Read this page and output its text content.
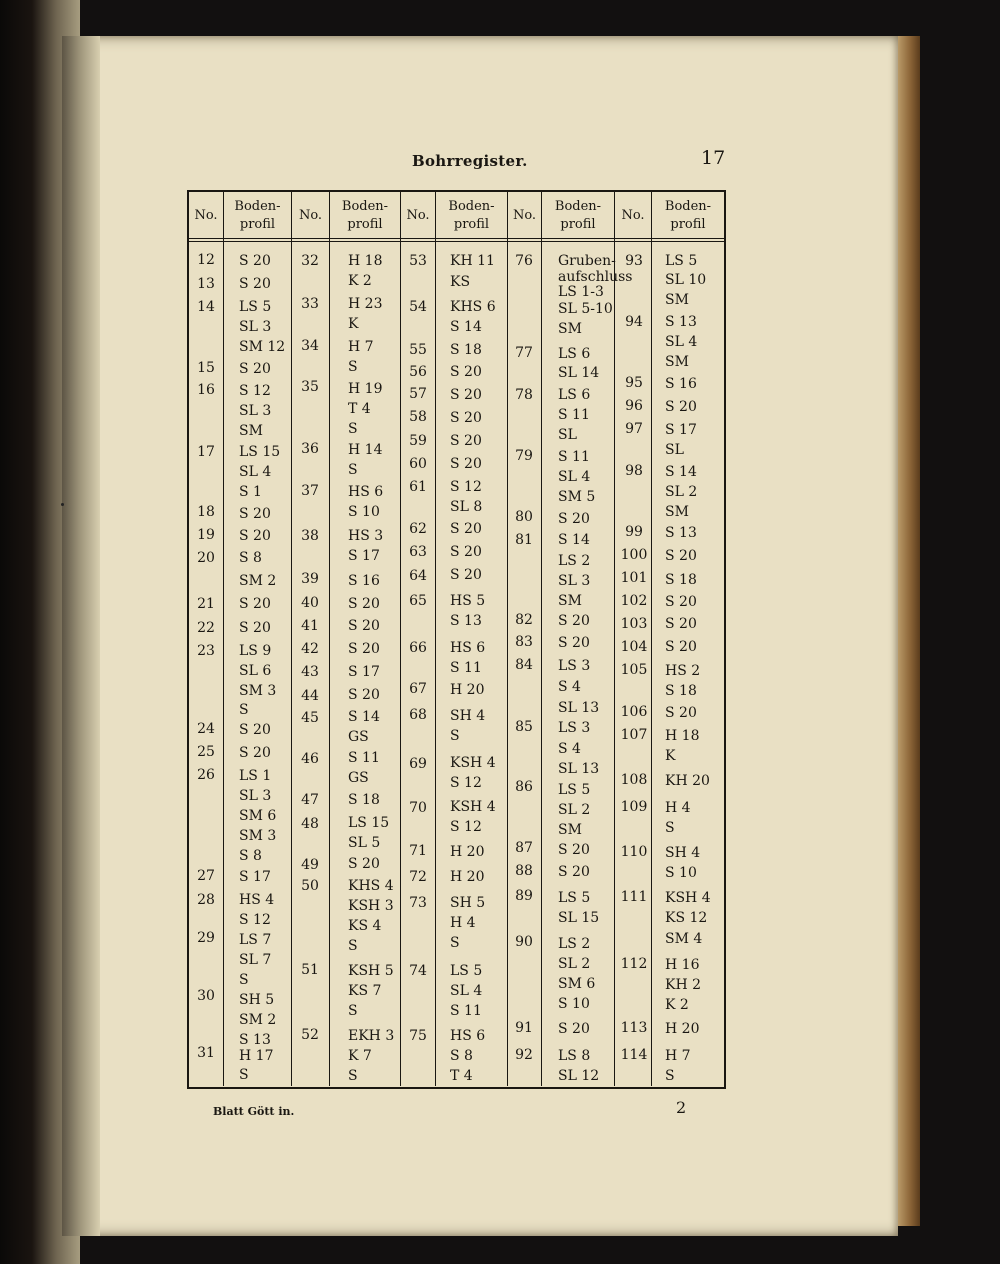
Bohrregister.	17
No.
Boden-
profil
No.
Boden-
profil
No.
Boden-
profil
No.
Boden-
profil
No.
Boden-
profil
12
13
14
15
16
17
18
19
20
21
22
23
24
25
26
27
28
29
30
31
S 20
S 20
LS 5
SL 3
SM 12
S 20
S 12
SL 3
SM
LS 15
SL 4
S 1
S 20
S 20
S 8
SM 2
S 20
S 20
LS 9
SL 6
SM 3
S
S 20
S 20
LS 1
SL 3
SM 6
SM 3
S 8
S 17
HS 4
S 12
LS 7
SL 7
S
SH 5
SM 2
S 13
H 17
S
32
33
34
35
36
37
38
39
40
41
42
43
44
45
46
47
48
49
50
51
52
H 18
K 2
H 23
K
H 7
S
H 19
T 4
S
H 14
S
HS 6
S 10
HS 3
S 17
S 16
S 20
S 20
S 20
S 17
S 20
S 14
GS
S 11
GS
S 18
LS 15
SL 5
S 20
KHS 4
KSH 3
KS 4
S
KSH 5
KS 7
S
EKH 3
K 7
S
53
54
55
56
57
58
59
60
61
62
63
64
65
66
67
68
69
70
71
72
73
74
75
KH 11
KS
KHS 6
S 14
S 18
S 20
S 20
S 20
S 20
S 20
S 12
SL 8
S 20
S 20
S 20
HS 5
S 13
HS 6
S 11
H 20
SH 4
S
KSH 4
S 12
KSH 4
S 12
H 20
H 20
SH 5
H 4
S
LS 5
SL 4
S 11
HS 6
S 8
T 4
76
77
78
79
80
81
82
83
84
85
86
87
88
89
90
91
92
Gruben-
aufschluss
LS 1-3
SL 5-10
SM
LS 6
SL 14
LS 6
S 11
SL
S 11
SL 4
SM 5
S 20
S 14
LS 2
SL 3
SM
S 20
S 20
LS 3
S 4
SL 13
LS 3
S 4
SL 13
LS 5
SL 2
SM
S 20
S 20
LS 5
SL 15
LS 2
SL 2
SM 6
S 10
S 20
LS 8
SL 12
93
94
95
96
97
98
99
100
101
102
103
104
105
106
107
108
109
110
111
112
113
114
LS 5
SL 10
SM
S 13
SL 4
SM
S 16
S 20
S 17
SL
S 14
SL 2
SM
S 13
S 20
S 18
S 20
S 20
S 20
HS 2
S 18
S 20
H 18
K
KH 20
H 4
S
SH 4
S 10
KSH 4
KS 12
SM 4
H 16
KH 2
K 2
H 20
H 7
S
Blatt Gött in.	2
